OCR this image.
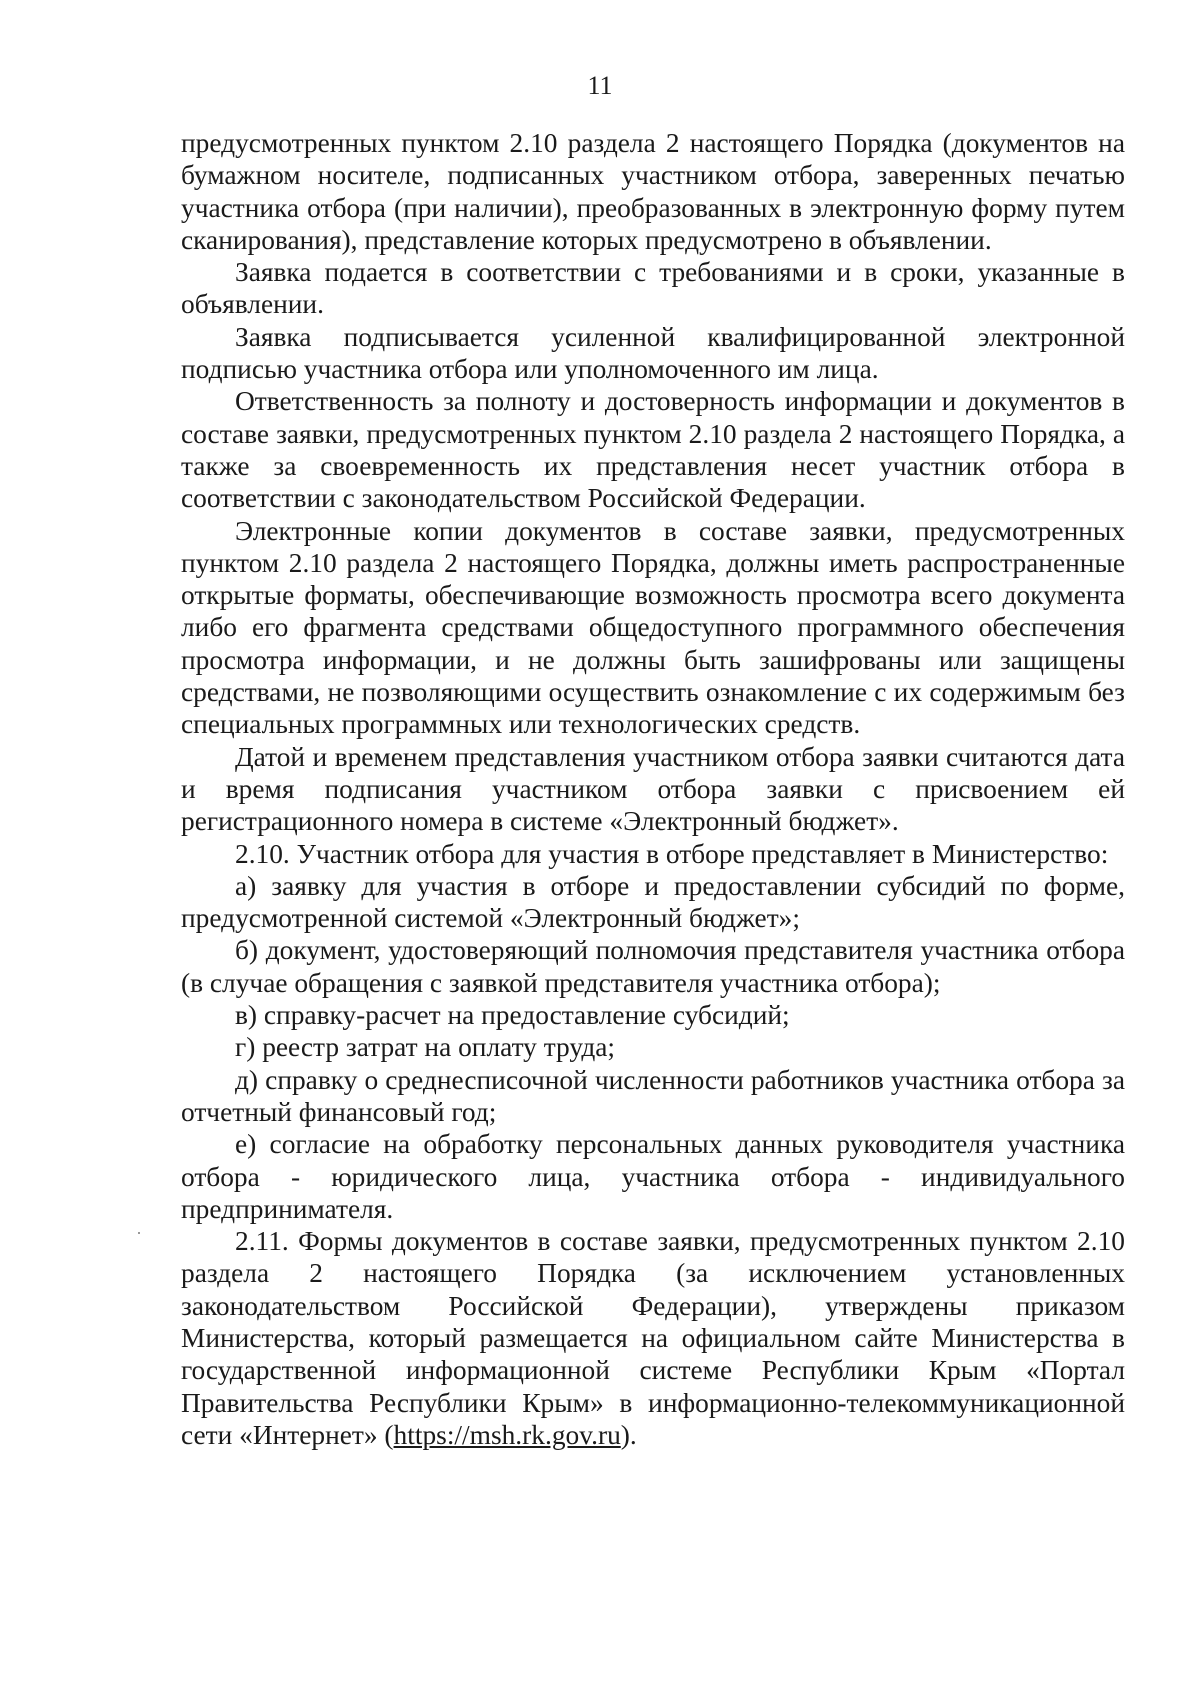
11

предусмотренных пунктом 2.10 раздела 2 настоящего Порядка (документов на бумажном носителе, подписанных участником отбора, заверенных печатью участника отбора (при наличии), преобразованных в электронную форму путем сканирования), представление которых предусмотрено в объявлении.

Заявка подается в соответствии с требованиями и в сроки, указанные в объявлении.

Заявка подписывается усиленной квалифицированной электронной подписью участника отбора или уполномоченного им лица.

Ответственность за полноту и достоверность информации и документов в составе заявки, предусмотренных пунктом 2.10 раздела 2 настоящего Порядка, а также за своевременность их представления несет участник отбора в соответствии с законодательством Российской Федерации.

Электронные копии документов в составе заявки, предусмотренных пунктом 2.10 раздела 2 настоящего Порядка, должны иметь распространенные открытые форматы, обеспечивающие возможность просмотра всего документа либо его фрагмента средствами общедоступного программного обеспечения просмотра информации, и не должны быть зашифрованы или защищены средствами, не позволяющими осуществить ознакомление с их содержимым без специальных программных или технологических средств.

Датой и временем представления участником отбора заявки считаются дата и время подписания участником отбора заявки с присвоением ей регистрационного номера в системе «Электронный бюджет».

2.10. Участник отбора для участия в отборе представляет в Министерство:

а) заявку для участия в отборе и предоставлении субсидий по форме, предусмотренной системой «Электронный бюджет»;

б) документ, удостоверяющий полномочия представителя участника отбора (в случае обращения с заявкой представителя участника отбора);

в) справку-расчет на предоставление субсидий;

г) реестр затрат на оплату труда;

д) справку о среднесписочной численности работников участника отбора за отчетный финансовый год;

е) согласие на обработку персональных данных руководителя участника отбора - юридического лица, участника отбора - индивидуального предпринимателя.

2.11. Формы документов в составе заявки, предусмотренных пунктом 2.10 раздела 2 настоящего Порядка (за исключением установленных законодательством Российской Федерации), утверждены приказом Министерства, который размещается на официальном сайте Министерства в государственной информационной системе Республики Крым «Портал Правительства Республики Крым» в информационно-телекоммуникационной сети «Интернет» (https://msh.rk.gov.ru).
